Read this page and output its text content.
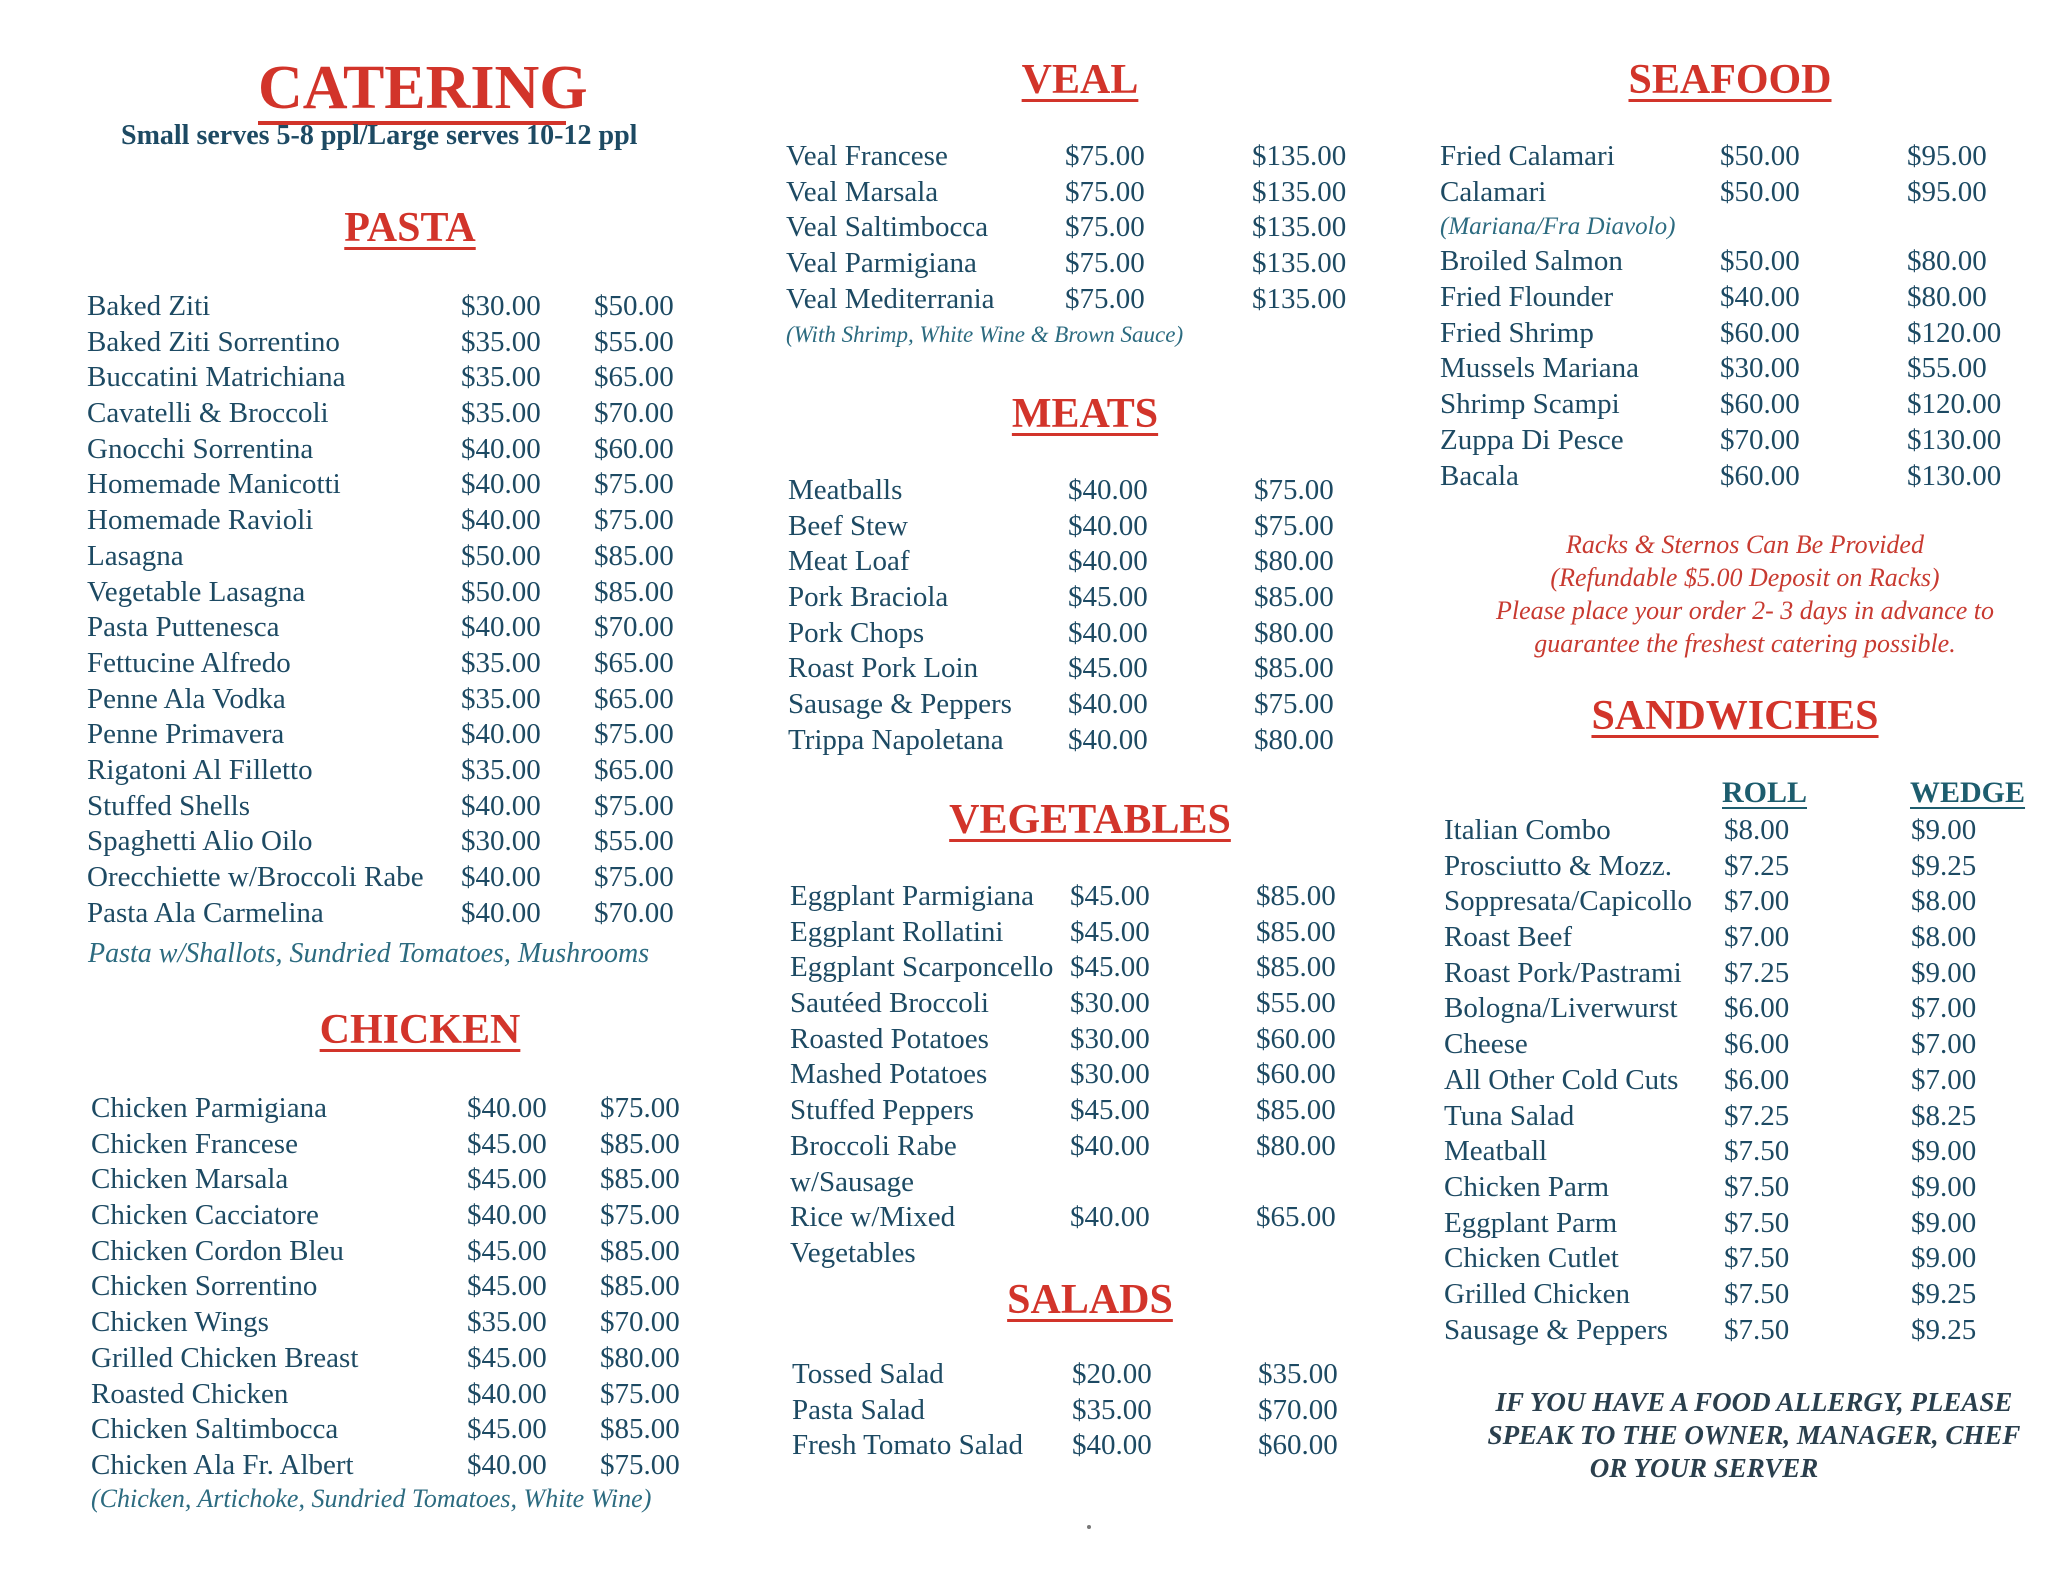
CATERING
Small serves 5-8 ppl/Large serves 10-12 ppl
PASTA
Baked Ziti	$30.00 $50.00
Baked Ziti Sorrentino	$35.00 $55.00
Buccatini Matrichiana	$35.00 $65.00
Cavatelli & Broccoli	$35.00 $70.00
Gnocchi Sorrentina	$40.00 $60.00
Homemade Manicotti	$40.00 $75.00
Homemade Ravioli	$40.00 $75.00
Lasagna	$50.00 $85.00
Vegetable Lasagna	$50.00 $85.00
Pasta Puttenesca	$40.00 $70.00
Fettucine Alfredo	$35.00 $65.00
Penne Ala Vodka	$35.00 $65.00
Penne Primavera	$40.00 $75.00
Rigatoni Al Filletto	$35.00 $65.00
Stuffed Shells	$40.00 $75.00
Spaghetti Alio Oilo	$30.00 $55.00
Orecchiette w/Broccoli Rabe $40.00 $75.00
Pasta Ala Carmelina	$40.00 $70.00
Pasta w/Shallots, Sundried Tomatoes, Mushrooms
CHICKEN
Chicken Parmigiana	$40.00 $75.00
Chicken Francese	$45.00 $85.00
Chicken Marsala	$45.00 $85.00
Chicken Cacciatore	$40.00 $75.00
Chicken Cordon Bleu	$45.00 $85.00
Chicken Sorrentino	$45.00 $85.00
Chicken Wings	$35.00 $70.00
Grilled Chicken Breast	$45.00 $80.00
Roasted Chicken	$40.00 $75.00
Chicken Saltimbocca	$45.00 $85.00
Chicken Ala Fr. Albert	$40.00 $75.00
(Chicken, Artichoke, Sundried Tomatoes, White Wine)
VEAL
Veal Francese	$75.00	$135.00
Veal Marsala	$75.00	$135.00
Veal Saltimbocca	$75.00	$135.00
Veal Parmigiana	$75.00	$135.00
Veal Mediterrania $75.00	$135.00
(With Shrimp, White Wine & Brown Sauce)
MEATS
Meatballs	$40.00	$75.00
Beef Stew	$40.00	$75.00
Meat Loaf	$40.00	$80.00
Pork Braciola	$45.00	$85.00
Pork Chops	$40.00	$80.00
Roast Pork Loin	$45.00	$85.00
Sausage & Peppers $40.00	$75.00
Trippa Napoletana $40.00	$80.00
VEGETABLES
Eggplant Parmigiana $45.00	$85.00
Eggplant Rollatini $45.00	$85.00
Eggplant Scarponcello $45.00	$85.00
Sautéed Broccoli	$30.00	$55.00
Roasted Potatoes	$30.00	$60.00
Mashed Potatoes	$30.00	$60.00
Stuffed Peppers	$45.00	$85.00
Broccoli Rabe	$40.00	$80.00
w/Sausage
Rice w/Mixed	$40.00	$65.00
Vegetables
SALADS
Tossed Salad	$20.00	$35.00
Pasta Salad	$35.00	$70.00
Fresh Tomato Salad $40.00	$60.00
SEAFOOD
Fried Calamari	$50.00	$95.00
Calamari	$50.00	$95.00
(Mariana/Fra Diavolo)
Broiled Salmon	$50.00	$80.00
Fried Flounder	$40.00	$80.00
Fried Shrimp	$60.00	$120.00
Mussels Mariana	$30.00	$55.00
Shrimp Scampi	$60.00	$120.00
Zuppa Di Pesce	$70.00	$130.00
Bacala	$60.00	$130.00
Racks & Sternos Can Be Provided
(Refundable $5.00 Deposit on Racks)
Please place your order 2- 3 days in advance to
guarantee the freshest catering possible.
SANDWICHES
ROLL	WEDGE
Italian Combo	$8.00	$9.00
Prosciutto & Mozz. $7.25	$9.25
Soppresata/Capicollo $7.00	$8.00
Roast Beef	$7.00	$8.00
Roast Pork/Pastrami $7.25	$9.00
Bologna/Liverwurst $6.00	$7.00
Cheese	$6.00	$7.00
All Other Cold Cuts $6.00	$7.00
Tuna Salad	$7.25	$8.25
Meatball	$7.50	$9.00
Chicken Parm	$7.50	$9.00
Eggplant Parm	$7.50	$9.00
Chicken Cutlet	$7.50	$9.00
Grilled Chicken	$7.50	$9.25
Sausage & Peppers $7.50	$9.25
IF YOU HAVE A FOOD ALLERGY, PLEASE
SPEAK TO THE OWNER, MANAGER, CHEF
OR YOUR SERVER
